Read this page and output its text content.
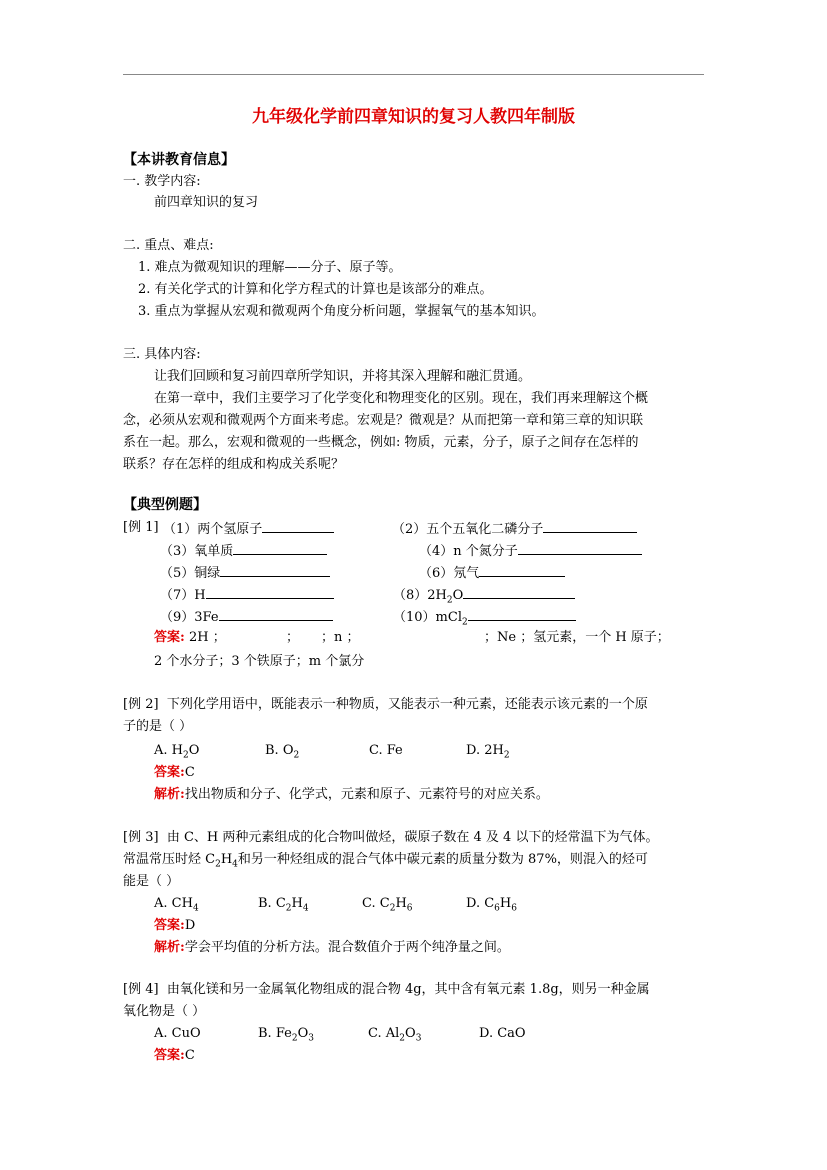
九年级化学前四章知识的复习人教四年制版
【本讲教育信息】
一. 教学内容:
前四章知识的复习
二. 重点、难点:
1. 难点为微观知识的理解——分子、原子等。
2. 有关化学式的计算和化学方程式的计算也是该部分的难点。
3. 重点为掌握从宏观和微观两个角度分析问题，掌握氧气的基本知识。
三. 具体内容:
让我们回顾和复习前四章所学知识，并将其深入理解和融汇贯通。
在第一章中，我们主要学习了化学变化和物理变化的区别。现在，我们再来理解这个概
念，必须从宏观和微观两个方面来考虑。宏观是？微观是？从而把第一章和第三章的知识联
系在一起。那么，宏观和微观的一些概念，例如: 物质，元素，分子，原子之间存在怎样的
联系？存在怎样的组成和构成关系呢？
【典型例题】
[例 1] （1）两个氢原子	（2）五个五氧化二磷分子
（3）氧单质	（4）n 个氮分子
（5）铜绿	（6）氖气
（7）H	$(8)2H_2O$
（9）3Fe	（10）mCl$_2$
答案: 2H ；	； ；n ；	；Ne ；氢元素，一个 H 原子；
2 个水分子；3 个铁原子；m 个氯分
[例 2] 下列化学用语中，既能表示一种物质，又能表示一种元素，还能表示该元素的一个原
子的是（ ）
A. $H_2O$	B. $O_2$	C. Fe	D. $2H_2$
答案:C
解析:找出物质和分子、化学式，元素和原子、元素符号的对应关系。
[例 3] 由 C、H 两种元素组成的化合物叫做烃，碳原子数在 4 及 4 以下的烃常温下为气体。
常温常压时烃 $C_2H_4$和另一种烃组成的混合气体中碳元素的质量分数为 87%，则混入的烃可
能是（ ）
A. $CH_4$	B. $C_2H_4$	C. $C_2H_6$	D. $C_6H_6$
答案:D
解析:学会平均值的分析方法。混合数值介于两个纯净量之间。
[例 4] 由氧化镁和另一金属氧化物组成的混合物 4g，其中含有氧元素 1.8g，则另一种金属
氧化物是（ ）
A. CuO	B. $Fe_2O_3$	C. $Al_2O_3$	D. CaO
答案:C
